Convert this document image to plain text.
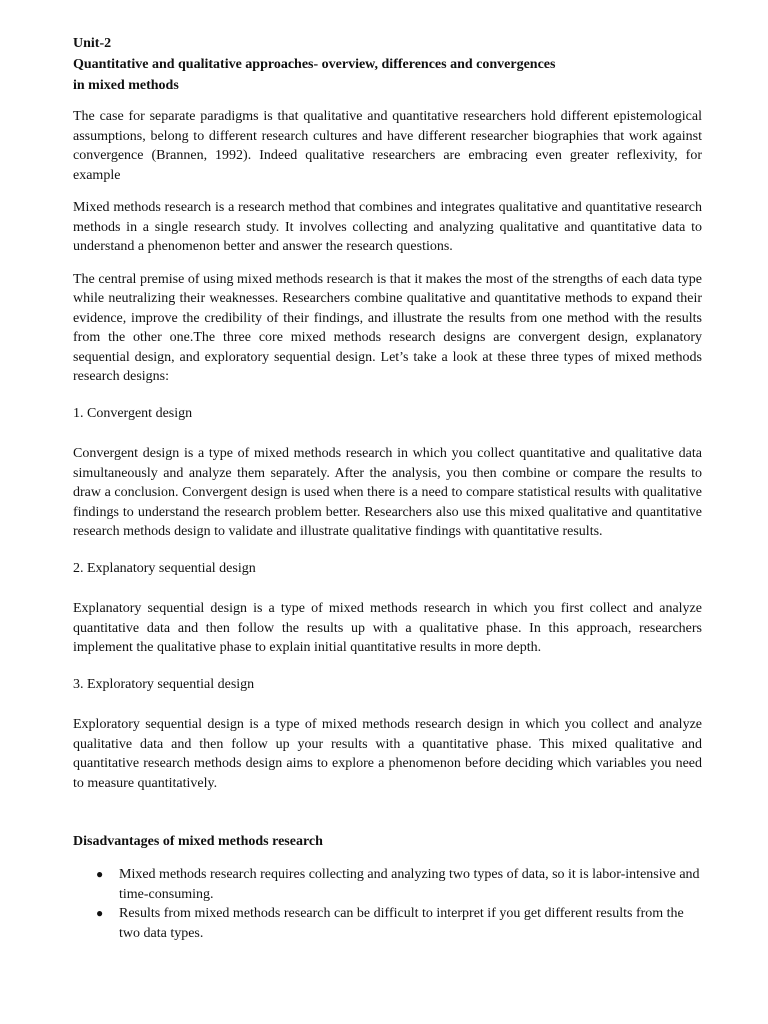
Unit-2
Quantitative and qualitative approaches- overview, differences and convergences
in mixed methods

The case for separate paradigms is that qualitative and quantitative researchers hold different epistemological assumptions, belong to different research cultures and have different researcher biographies that work against convergence (Brannen, 1992). Indeed qualitative researchers are embracing even greater reflexivity, for example

Mixed methods research is a research method that combines and integrates qualitative and quantitative research methods in a single research study. It involves collecting and analyzing qualitative and quantitative data to understand a phenomenon better and answer the research questions.

The central premise of using mixed methods research is that it makes the most of the strengths of each data type while neutralizing their weaknesses. Researchers combine qualitative and quantitative methods to expand their evidence, improve the credibility of their findings, and illustrate the results from one method with the results from the other one.The three core mixed methods research designs are convergent design, explanatory sequential design, and exploratory sequential design. Let’s take a look at these three types of mixed methods research designs:

1. Convergent design

Convergent design is a type of mixed methods research in which you collect quantitative and qualitative data simultaneously and analyze them separately. After the analysis, you then combine or compare the results to draw a conclusion. Convergent design is used when there is a need to compare statistical results with qualitative findings to understand the research problem better. Researchers also use this mixed qualitative and quantitative research methods design to validate and illustrate qualitative findings with quantitative results.

2. Explanatory sequential design

Explanatory sequential design is a type of mixed methods research in which you first collect and analyze quantitative data and then follow the results up with a qualitative phase. In this approach, researchers implement the qualitative phase to explain initial quantitative results in more depth.

3. Exploratory sequential design

Exploratory sequential design is a type of mixed methods research design in which you collect and analyze qualitative data and then follow up your results with a quantitative phase. This mixed qualitative and quantitative research methods design aims to explore a phenomenon before deciding which variables you need to measure quantitatively.

Disadvantages of mixed methods research
● Mixed methods research requires collecting and analyzing two types of data, so it is labor-intensive and time-consuming.
● Results from mixed methods research can be difficult to interpret if you get different results from the two data types.
